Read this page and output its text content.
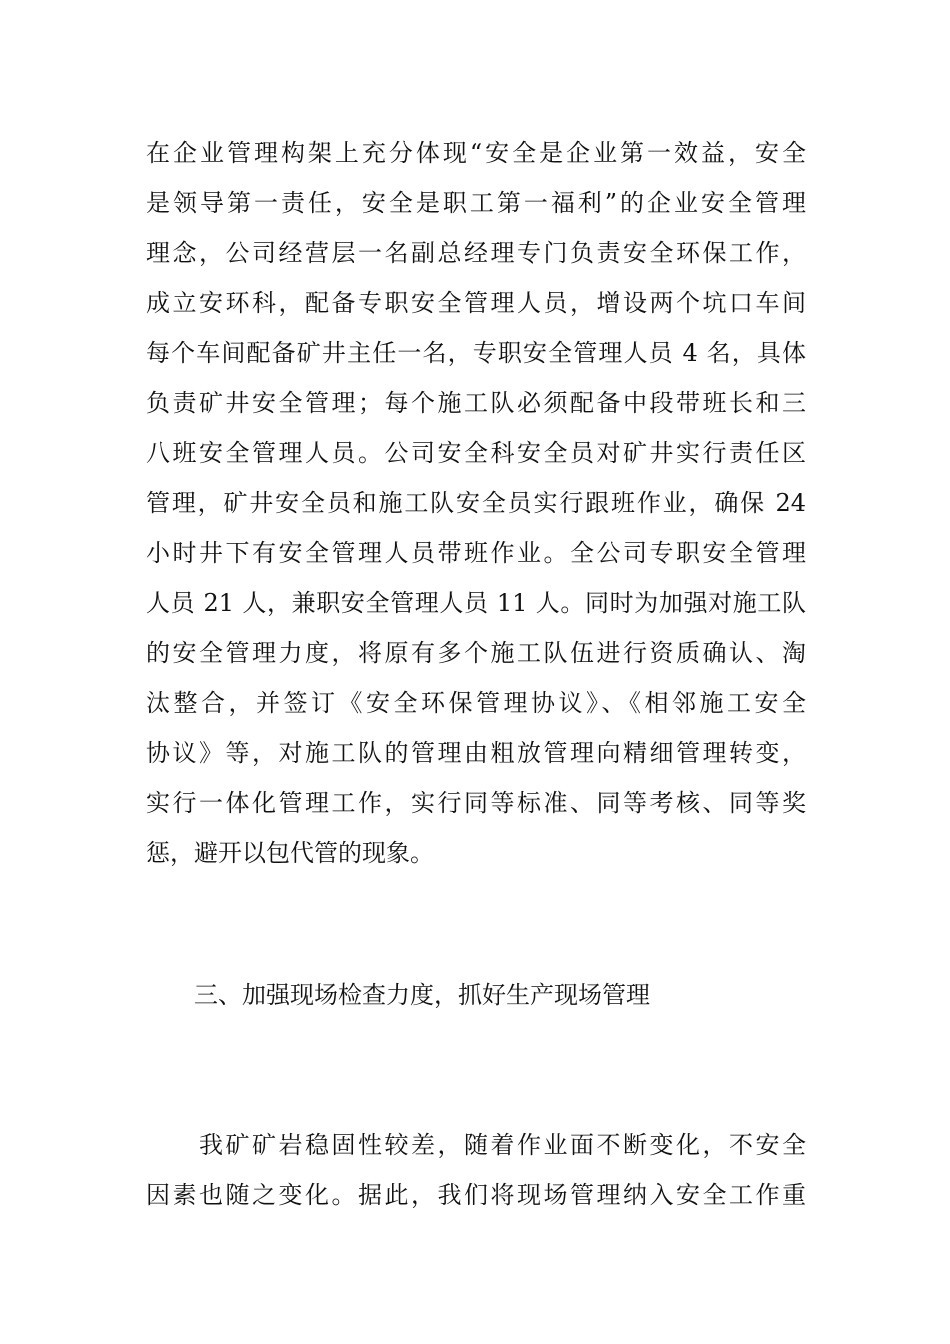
在企业管理构架上充分体现“安全是企业第一效益，安全
是领导第一责任，安全是职工第一福利”的企业安全管理
理念，公司经营层一名副总经理专门负责安全环保工作，
成立安环科，配备专职安全管理人员，增设两个坑口车间
每个车间配备矿井主任一名，专职安全管理人员 4 名，具体
负责矿井安全管理；每个施工队必须配备中段带班长和三
八班安全管理人员。公司安全科安全员对矿井实行责任区
管理，矿井安全员和施工队安全员实行跟班作业，确保 24
小时井下有安全管理人员带班作业。全公司专职安全管理
人员 21 人，兼职安全管理人员 11 人。同时为加强对施工队
的安全管理力度，将原有多个施工队伍进行资质确认、淘
汰整合，并签订《安全环保管理协议》、《相邻施工安全
协议》等，对施工队的管理由粗放管理向精细管理转变，
实行一体化管理工作，实行同等标准、同等考核、同等奖
惩，避开以包代管的现象。
三、加强现场检查力度，抓好生产现场管理
　　我矿矿岩稳固性较差，随着作业面不断变化，不安全
因素也随之变化。据此，我们将现场管理纳入安全工作重
